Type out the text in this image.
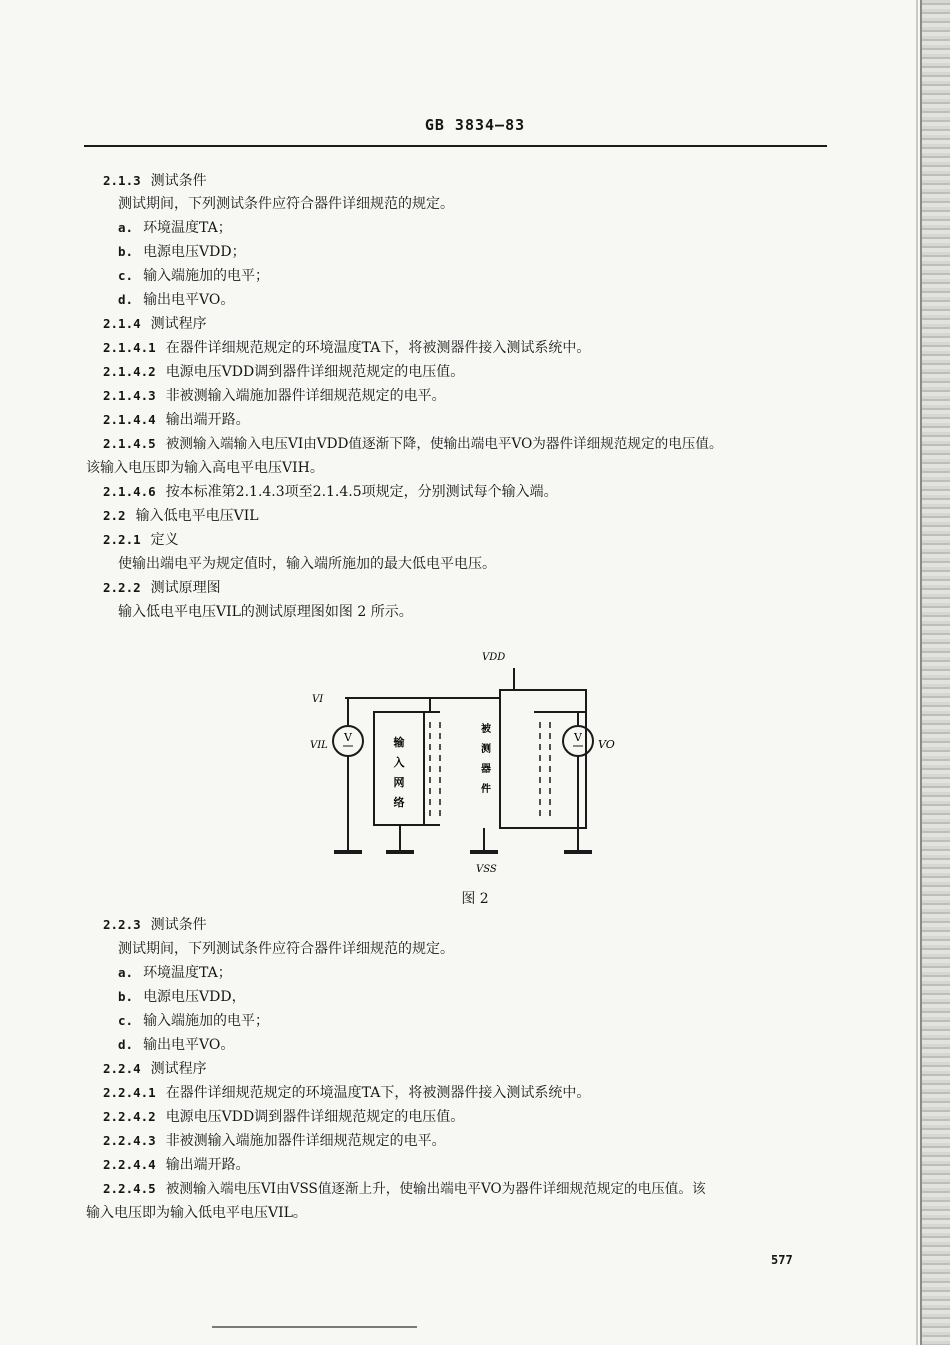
GB 3834—83
2.1.3 测试条件
测试期间，下列测试条件应符合器件详细规范的规定。
a. 环境温度TA；
b. 电源电压VDD；
c. 输入端施加的电平；
d. 输出电平VO。
2.1.4 测试程序
2.1.4.1 在器件详细规范规定的环境温度TA下，将被测器件接入测试系统中。
2.1.4.2 电源电压VDD调到器件详细规范规定的电压值。
2.1.4.3 非被测输入端施加器件详细规范规定的电平。
2.1.4.4 输出端开路。
2.1.4.5 被测输入端输入电压VI由VDD值逐渐下降，使输出端电平VO为器件详细规范规定的电压值。
该输入电压即为输入高电平电压VIH。
2.1.4.6 按本标准第2.1.4.3项至2.1.4.5项规定，分别测试每个输入端。
2.2 输入低电平电压VIL
2.2.1 定义
使输出端电平为规定值时，输入端所施加的最大低电平电压。
2.2.2 测试原理图
输入低电平电压VIL的测试原理图如图 2 所示。
V	V
VDD
VI
VIL	VO
VSS
输
入
网
络
被
测
器
件
图 2
2.2.3 测试条件
测试期间，下列测试条件应符合器件详细规范的规定。
a. 环境温度TA；
b. 电源电压VDD，
c. 输入端施加的电平；
d. 输出电平VO。
2.2.4 测试程序
2.2.4.1 在器件详细规范规定的环境温度TA下，将被测器件接入测试系统中。
2.2.4.2 电源电压VDD调到器件详细规范规定的电压值。
2.2.4.3 非被测输入端施加器件详细规范规定的电平。
2.2.4.4 输出端开路。
2.2.4.5 被测输入端电压VI由VSS值逐渐上升，使输出端电平VO为器件详细规范规定的电压值。该
输入电压即为输入低电平电压VIL。
577
